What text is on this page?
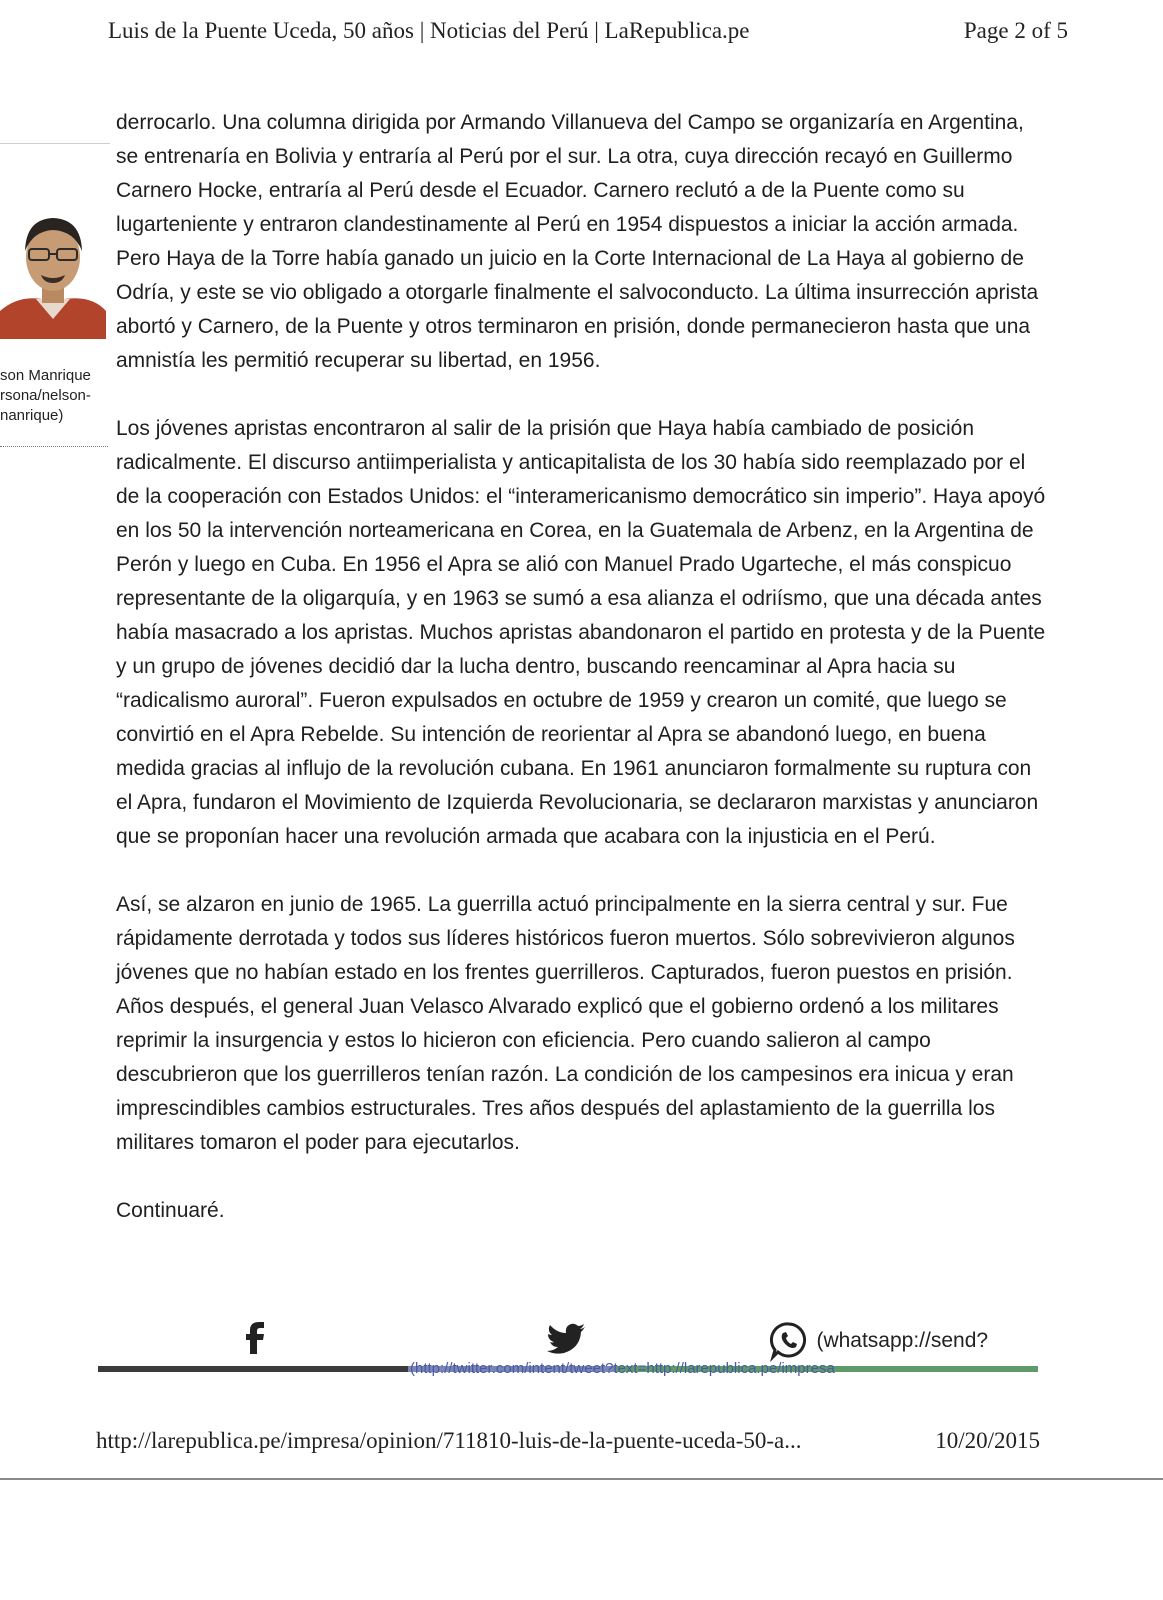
Luis de la Puente Uceda, 50 años | Noticias del Perú | LaRepublica.pe	Page 2 of 5
son Manrique
rsona/nelson-
nanrique)

derrocarlo. Una columna dirigida por Armando Villanueva del Campo se organizaría en Argentina, se entrenaría en Bolivia y entraría al Perú por el sur. La otra, cuya dirección recayó en Guillermo Carnero Hocke, entraría al Perú desde el Ecuador. Carnero reclutó a de la Puente como su lugarteniente y entraron clandestinamente al Perú en 1954 dispuestos a iniciar la acción armada. Pero Haya de la Torre había ganado un juicio en la Corte Internacional de La Haya al gobierno de Odría, y este se vio obligado a otorgarle finalmente el salvoconducto. La última insurrección aprista abortó y Carnero, de la Puente y otros terminaron en prisión, donde permanecieron hasta que una amnistía les permitió recuperar su libertad, en 1956.

Los jóvenes apristas encontraron al salir de la prisión que Haya había cambiado de posición radicalmente. El discurso antiimperialista y anticapitalista de los 30 había sido reemplazado por el de la cooperación con Estados Unidos: el “interamericanismo democrático sin imperio”. Haya apoyó en los 50 la intervención norteamericana en Corea, en la Guatemala de Arbenz, en la Argentina de Perón y luego en Cuba. En 1956 el Apra se alió con Manuel Prado Ugarteche, el más conspicuo representante de la oligarquía, y en 1963 se sumó a esa alianza el odriísmo, que una década antes había masacrado a los apristas. Muchos apristas abandonaron el partido en protesta y de la Puente y un grupo de jóvenes decidió dar la lucha dentro, buscando reencaminar al Apra hacia su “radicalismo auroral”. Fueron expulsados en octubre de 1959 y crearon un comité, que luego se convirtió en el Apra Rebelde. Su intención de reorientar al Apra se abandonó luego, en buena medida gracias al influjo de la revolución cubana. En 1961 anunciaron formalmente su ruptura con el Apra, fundaron el Movimiento de Izquierda Revolucionaria, se declararon marxistas y anunciaron que se proponían hacer una revolución armada que acabara con la injusticia en el Perú.

Así, se alzaron en junio de 1965. La guerrilla actuó principalmente en la sierra central y sur. Fue rápidamente derrotada y todos sus líderes históricos fueron muertos. Sólo sobrevivieron algunos jóvenes que no habían estado en los frentes guerrilleros. Capturados, fueron puestos en prisión. Años después, el general Juan Velasco Alvarado explicó que el gobierno ordenó a los militares reprimir la insurgencia y estos lo hicieron con eficiencia. Pero cuando salieron al campo descubrieron que los guerrilleros tenían razón. La condición de los campesinos era inicua y eran imprescindibles cambios estructurales. Tres años después del aplastamiento de la guerrilla los militares tomaron el poder para ejecutarlos.

Continuaré.

(whatsapp://send?
(http://twitter.com/intent/tweet?text=http://larepublica.pe/impresa
http://larepublica.pe/impresa/opinion/711810-luis-de-la-puente-uceda-50-a...	10/20/2015
